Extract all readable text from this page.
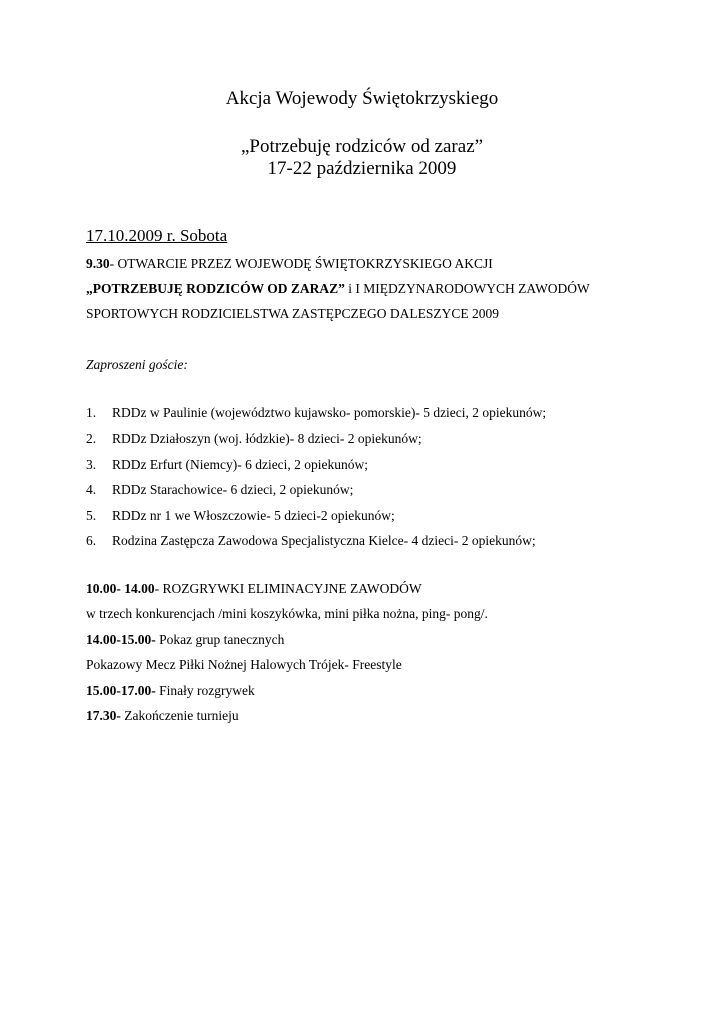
Akcja Wojewody Świętokrzyskiego
„Potrzebuję rodziców od zaraz”
17-22 października 2009
17.10.2009 r. Sobota
9.30- OTWARCIE PRZEZ WOJEWODĘ ŚWIĘTOKRZYSKIEGO AKCJI
„POTRZEBUJĘ RODZICÓW OD ZARAZ” i I MIĘDZYNARODOWYCH ZAWODÓW
SPORTOWYCH RODZICIELSTWA ZASTĘPCZEGO DALESZYCE 2009
Zaproszeni goście:
1. RDDz w Paulinie (województwo kujawsko- pomorskie)- 5 dzieci, 2 opiekunów;
2. RDDz Działoszyn (woj. łódzkie)- 8 dzieci- 2 opiekunów;
3. RDDz Erfurt (Niemcy)- 6 dzieci, 2 opiekunów;
4. RDDz Starachowice- 6 dzieci, 2 opiekunów;
5. RDDz nr 1 we Włoszczowie- 5 dzieci-2 opiekunów;
6. Rodzina Zastępcza Zawodowa Specjalistyczna Kielce- 4 dzieci- 2 opiekunów;
10.00- 14.00- ROZGRYWKI ELIMINACYJNE ZAWODÓW
w trzech konkurencjach /mini koszykówka, mini piłka nożna, ping- pong/.
14.00-15.00- Pokaz grup tanecznych
Pokazowy Mecz Piłki Nożnej Halowych Trójek- Freestyle
15.00-17.00- Finały rozgrywek
17.30- Zakończenie turnieju
